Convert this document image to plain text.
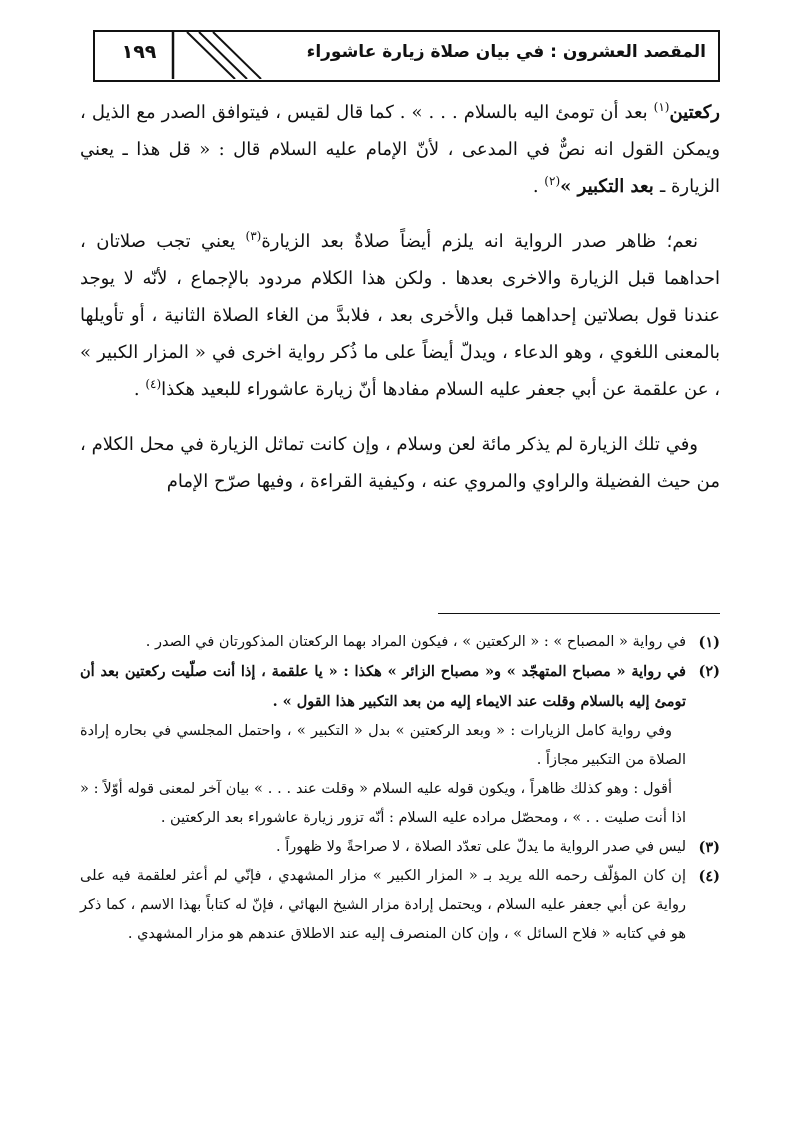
١٩٩	المقصد العشرون : في بيان صلاة زيارة عاشوراء

ركعتين$^{(١)}$ بعد أن تومئ اليه بالسلام . . . » . كما قال لقيس ، فيتوافق الصدر مع الذيل ، ويمكن القول انه نصٌّ في المدعى ، لأنّ الإمام عليه السلام قال : « قل هذا ـ يعني الزيارة ـ بعد التكبير »$^{(٢)}$ .

نعم؛ ظاهر صدر الرواية انه يلزم أيضاً صلاةٌ بعد الزيارة$^{(٣)}$ يعني تجب صلاتان ، احداهما قبل الزيارة والاخرى بعدها . ولكن هذا الكلام مردود بالإجماع ، لأنّه لا يوجد عندنا قول بصلاتين إحداهما قبل والأخرى بعد ، فلابدَّ من الغاء الصلاة الثانية ، أو تأويلها بالمعنى اللغوي ، وهو الدعاء ، ويدلّ أيضاً على ما ذُكر رواية اخرى في « المزار الكبير » ، عن علقمة عن أبي جعفر عليه السلام مفادها أنّ زيارة عاشوراء للبعيد هكذا$^{(٤)}$ .

وفي تلك الزيارة لم يذكر مائة لعن وسلام ، وإن كانت تماثل الزيارة في محل الكلام ، من حيث الفضيلة والراوي والمروي عنه ، وكيفية القراءة ، وفيها صرّح الإمام

(١)
في رواية « المصباح » : « الركعتين » ، فيكون المراد بهما الركعتان المذكورتان في الصدر .

(٢)
في رواية « مصباح المتهجّد » و« مصباح الزائر » هكذا : « يا علقمة ، إذا أنت صلّيت ركعتين بعد أن تومئ إليه بالسلام وقلت عند الايماء إليه من بعد التكبير هذا القول » .

وفي رواية كامل الزيارات : « وبعد الركعتين » بدل « التكبير » ، واحتمل المجلسي في بحاره إرادة الصلاة من التكبير مجازاً .

أقول : وهو كذلك ظاهراً ، ويكون قوله عليه السلام « وقلت عند . . . » بيان آخر لمعنى قوله أوّلاً : « اذا أنت صليت . . » ، ومحصّل مراده عليه السلام : أنّه تزور زيارة عاشوراء بعد الركعتين .

(٣)
ليس في صدر الرواية ما يدلّ على تعدّد الصلاة ، لا صراحةً ولا ظهوراً .

(٤)
إن كان المؤلّف رحمه الله يريد بـ « المزار الكبير » مزار المشهدي ، فإنّي لم أعثر لعلقمة فيه على رواية عن أبي جعفر عليه السلام ، ويحتمل إرادة مزار الشيخ البهائي ، فإنّ له كتاباً بهذا الاسم ، كما ذكر هو في كتابه « فلاح السائل » ، وإن كان المنصرف إليه عند الاطلاق عندهم هو مزار المشهدي .
